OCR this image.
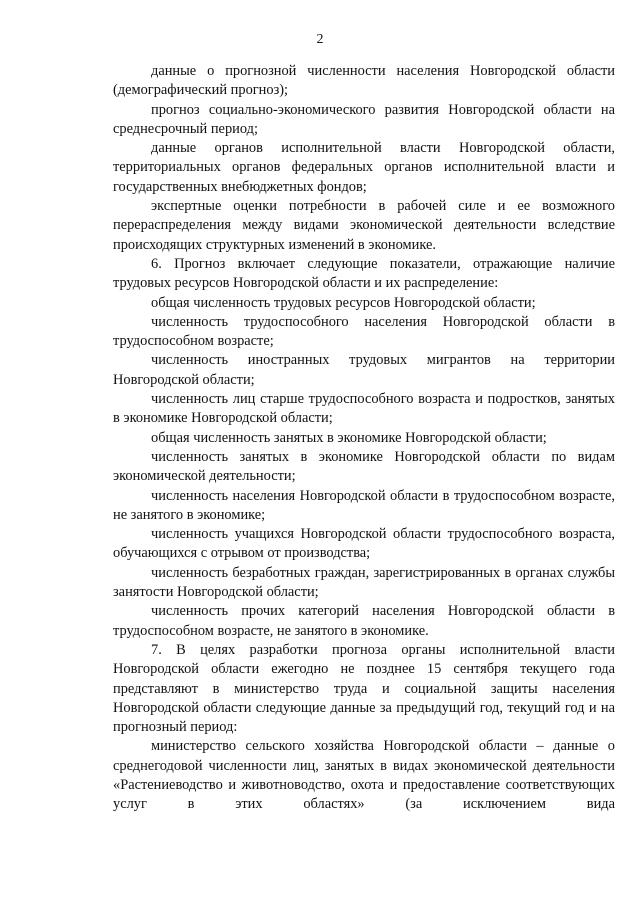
2

данные о прогнозной численности населения Новгородской области (демографический прогноз);

прогноз социально-экономического развития Новгородской области на среднесрочный период;

данные органов исполнительной власти Новгородской области, территориальных органов федеральных органов исполнительной власти и государственных внебюджетных фондов;

экспертные оценки потребности в рабочей силе и ее возможного перераспределения между видами экономической деятельности вследствие происходящих структурных изменений в экономике.

6. Прогноз включает следующие показатели, отражающие наличие трудовых ресурсов Новгородской области и их распределение:

общая численность трудовых ресурсов Новгородской области;

численность трудоспособного населения Новгородской области в трудоспособном возрасте;

численность иностранных трудовых мигрантов на территории Новгородской области;

численность лиц старше трудоспособного возраста и подростков, занятых в экономике Новгородской области;

общая численность занятых в экономике Новгородской области;

численность занятых в экономике Новгородской области по видам экономической деятельности;

численность населения Новгородской области в трудоспособном возрасте, не занятого в экономике;

численность учащихся Новгородской области трудоспособного возраста, обучающихся с отрывом от производства;

численность безработных граждан, зарегистрированных в органах службы занятости Новгородской области;

численность прочих категорий населения Новгородской области в трудоспособном возрасте, не занятого в экономике.

7. В целях разработки прогноза органы исполнительной власти Новгородской области ежегодно не позднее 15 сентября текущего года представляют в министерство труда и социальной защиты населения Новгородской области следующие данные за предыдущий год, текущий год и на прогнозный период:

министерство сельского хозяйства Новгородской области – данные о среднегодовой численности лиц, занятых в видах экономической деятельности «Растениеводство и животноводство, охота и предоставление соответствующих услуг в этих областях» (за исключением вида
